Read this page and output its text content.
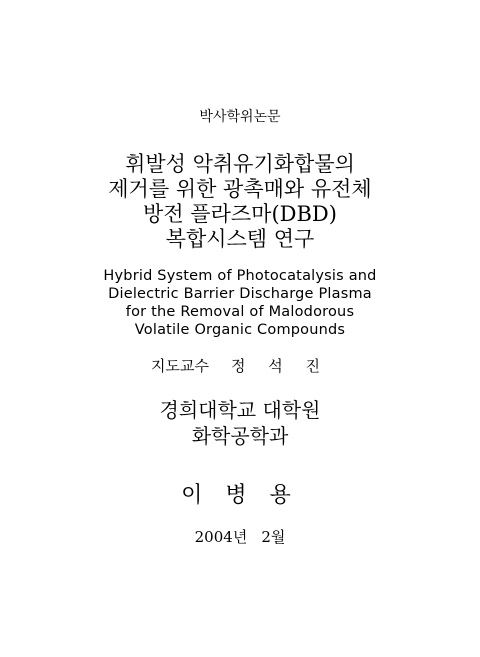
박사학위논문
휘발성 악취유기화합물의
제거를 위한 광촉매와 유전체
방전 플라즈마(DBD)
복합시스템 연구
Hybrid System of Photocatalysis and
Dielectric Barrier Discharge Plasma
for the Removal of Malodorous
Volatile Organic Compounds
지도교수 정 석 진
경희대학교 대학원
화학공학과
이 병 용
2004년 2월
